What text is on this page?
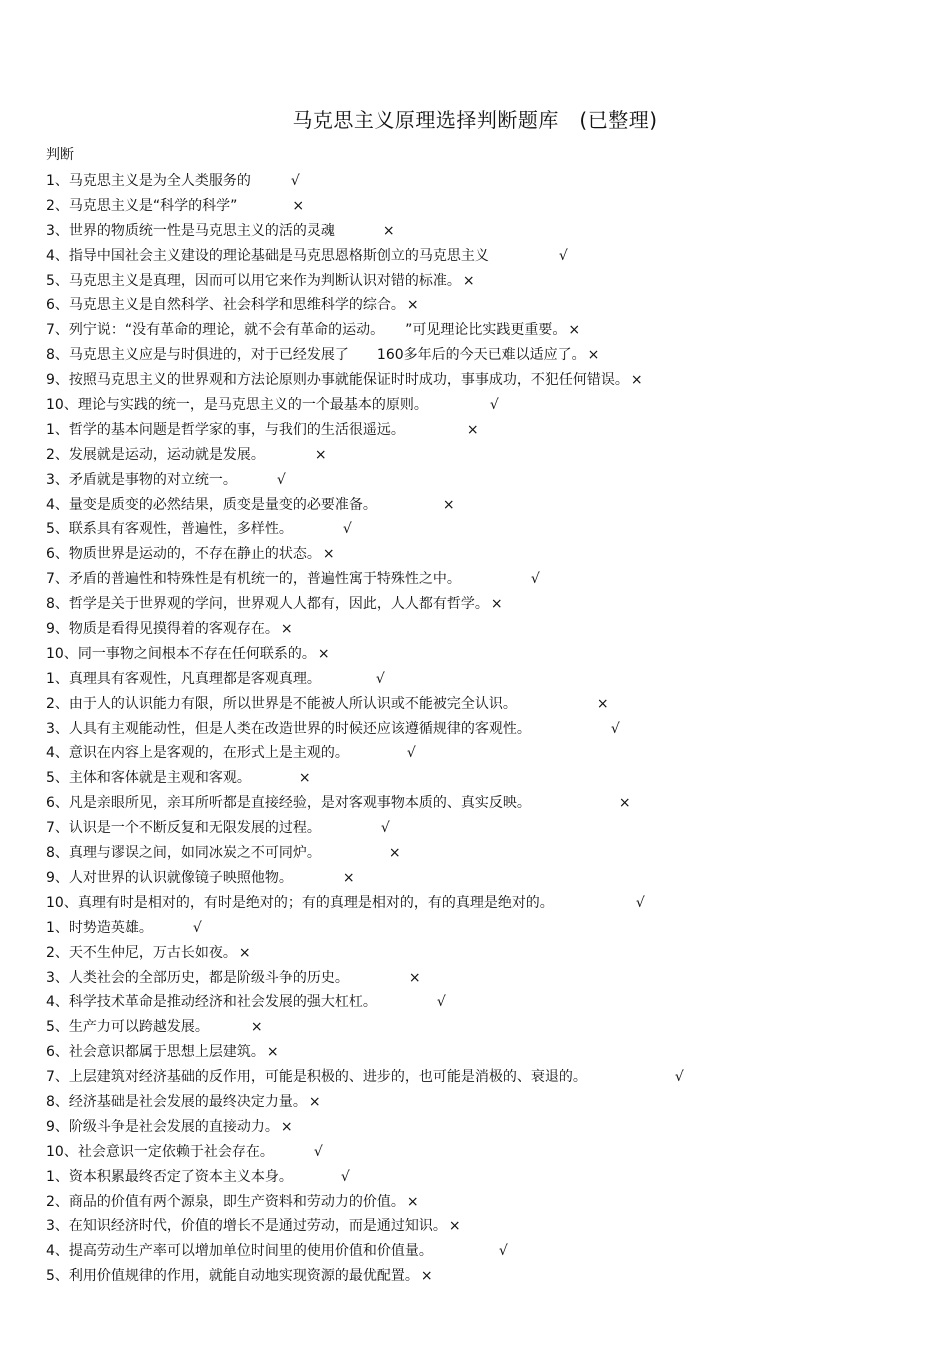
马克思主义原理选择判断题库　(已整理)
判断
1、马克思主义是为全人类服务的	√
2、马克思主义是“科学的科学”	×
3、世界的物质统一性是马克思主义的活的灵魂	×
4、指导中国社会主义建设的理论基础是马克思恩格斯创立的马克思主义	√
5、马克思主义是真理，因而可以用它来作为判断认识对错的标准。 ×
6、马克思主义是自然科学、社会科学和思维科学的综合。 ×
7、列宁说：“没有革命的理论，就不会有革命的运动。　　”可见理论比实践更重要。 ×
8、马克思主义应是与时俱进的，对于已经发展了　　160多年后的今天已难以适应了。 ×
9、按照马克思主义的世界观和方法论原则办事就能保证时时成功，事事成功，不犯任何错误。 ×
10、理论与实践的统一，是马克思主义的一个最基本的原则。	√
1、哲学的基本问题是哲学家的事，与我们的生活很遥远。	×
2、发展就是运动，运动就是发展。	×
3、矛盾就是事物的对立统一。	√
4、量变是质变的必然结果，质变是量变的必要准备。	×
5、联系具有客观性，普遍性，多样性。	√
6、物质世界是运动的，不存在静止的状态。 ×
7、矛盾的普遍性和特殊性是有机统一的，普遍性寓于特殊性之中。	√
8、哲学是关于世界观的学问，世界观人人都有，因此，人人都有哲学。 ×
9、物质是看得见摸得着的客观存在。 ×
10、同一事物之间根本不存在任何联系的。 ×
1、真理具有客观性，凡真理都是客观真理。	√
2、由于人的认识能力有限，所以世界是不能被人所认识或不能被完全认识。	×
3、人具有主观能动性，但是人类在改造世界的时候还应该遵循规律的客观性。	√
4、意识在内容上是客观的，在形式上是主观的。	√
5、主体和客体就是主观和客观。	×
6、凡是亲眼所见，亲耳所听都是直接经验，是对客观事物本质的、真实反映。	×
7、认识是一个不断反复和无限发展的过程。	√
8、真理与谬误之间，如同冰炭之不可同炉。	×
9、人对世界的认识就像镜子映照他物。	×
10、真理有时是相对的，有时是绝对的；有的真理是相对的，有的真理是绝对的。	√
1、时势造英雄。	√
2、天不生仲尼，万古长如夜。 ×
3、人类社会的全部历史，都是阶级斗争的历史。	×
4、科学技术革命是推动经济和社会发展的强大杠杠。	√
5、生产力可以跨越发展。	×
6、社会意识都属于思想上层建筑。 ×
7、上层建筑对经济基础的反作用，可能是积极的、进步的，也可能是消极的、衰退的。	√
8、经济基础是社会发展的最终决定力量。 ×
9、阶级斗争是社会发展的直接动力。 ×
10、社会意识一定依赖于社会存在。	√
1、资本积累最终否定了资本主义本身。	√
2、商品的价值有两个源泉，即生产资料和劳动力的价值。 ×
3、在知识经济时代，价值的增长不是通过劳动，而是通过知识。 ×
4、提高劳动生产率可以增加单位时间里的使用价值和价值量。	√
5、利用价值规律的作用，就能自动地实现资源的最优配置。 ×
